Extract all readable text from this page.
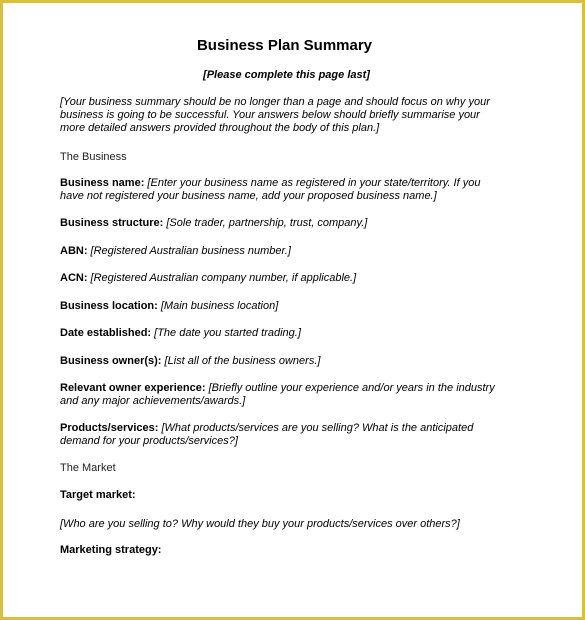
Business Plan Summary

[Please complete this page last]

[Your business summary should be no longer than a page and should focus on why your business is going to be successful. Your answers below should briefly summarise your more detailed answers provided throughout the body of this plan.]

The Business

Business name: [Enter your business name as registered in your state/territory. If you have not registered your business name, add your proposed business name.]

Business structure: [Sole trader, partnership, trust, company.]

ABN: [Registered Australian business number.]

ACN: [Registered Australian company number, if applicable.]

Business location: [Main business location]

Date established: [The date you started trading.]

Business owner(s): [List all of the business owners.]

Relevant owner experience: [Briefly outline your experience and/or years in the industry and any major achievements/awards.]

Products/services: [What products/services are you selling? What is the anticipated demand for your products/services?]

The Market

Target market:

[Who are you selling to? Why would they buy your products/services over others?]

Marketing strategy:
